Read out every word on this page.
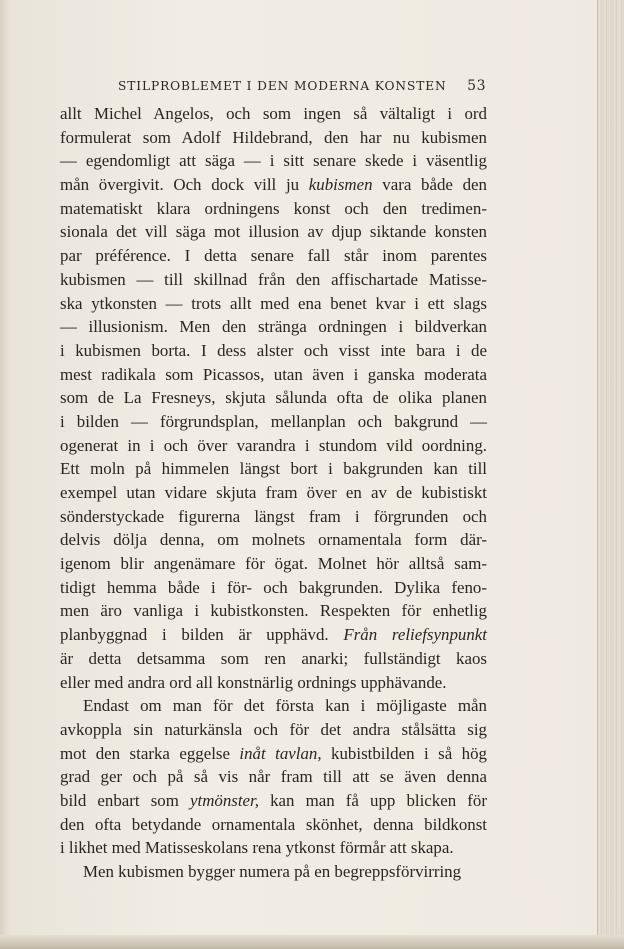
STILPROBLEMET I DEN MODERNA KONSTEN 53
allt Michel Angelos, och som ingen så vältaligt i ord
formulerat som Adolf Hildebrand, den har nu kubismen
— egendomligt att säga — i sitt senare skede i väsentlig
mån övergivit. Och dock vill ju kubismen vara både den
matematiskt klara ordningens konst och den tredimen-
sionala det vill säga mot illusion av djup siktande konsten
par préférence. I detta senare fall står inom parentes
kubismen — till skillnad från den affischartade Matisse-
ska ytkonsten — trots allt med ena benet kvar i ett slags
— illusionism. Men den stränga ordningen i bildverkan
i kubismen borta. I dess alster och visst inte bara i de
mest radikala som Picassos, utan även i ganska moderata
som de La Fresneys, skjuta sålunda ofta de olika planen
i bilden — förgrundsplan, mellanplan och bakgrund —
ogenerat in i och över varandra i stundom vild oordning.
Ett moln på himmelen längst bort i bakgrunden kan till
exempel utan vidare skjuta fram över en av de kubistiskt
sönderstyckade figurerna längst fram i förgrunden och
delvis dölja denna, om molnets ornamentala form där-
igenom blir angenämare för ögat. Molnet hör alltså sam-
tidigt hemma både i för- och bakgrunden. Dylika feno-
men äro vanliga i kubistkonsten. Respekten för enhetlig
planbyggnad i bilden är upphävd. Från reliefsynpunkt
är detta detsamma som ren anarki; fullständigt kaos
eller med andra ord all konstnärlig ordnings upphävande.
Endast om man för det första kan i möjligaste mån
avkoppla sin naturkänsla och för det andra stålsätta sig
mot den starka eggelse inåt tavlan, kubistbilden i så hög
grad ger och på så vis når fram till att se även denna
bild enbart som ytmönster, kan man få upp blicken för
den ofta betydande ornamentala skönhet, denna bildkonst
i likhet med Matisseskolans rena ytkonst förmår att skapa.
Men kubismen bygger numera på en begreppsförvirring
